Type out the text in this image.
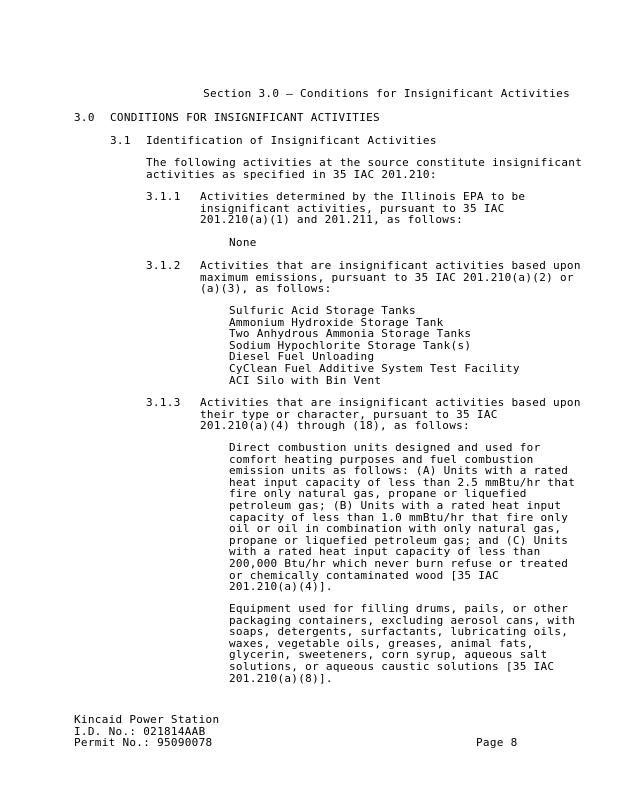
Section 3.0 – Conditions for Insignificant Activities
3.0 CONDITIONS FOR INSIGNIFICANT ACTIVITIES
3.1 Identification of Insignificant Activities
The following activities at the source constitute insignificant
activities as specified in 35 IAC 201.210:
3.1.1 Activities determined by the Illinois EPA to be
insignificant activities, pursuant to 35 IAC
201.210(a)(1) and 201.211, as follows:
None
3.1.2 Activities that are insignificant activities based upon
maximum emissions, pursuant to 35 IAC 201.210(a)(2) or
(a)(3), as follows:
Sulfuric Acid Storage Tanks
Ammonium Hydroxide Storage Tank
Two Anhydrous Ammonia Storage Tanks
Sodium Hypochlorite Storage Tank(s)
Diesel Fuel Unloading
CyClean Fuel Additive System Test Facility
ACI Silo with Bin Vent
3.1.3 Activities that are insignificant activities based upon
their type or character, pursuant to 35 IAC
201.210(a)(4) through (18), as follows:
Direct combustion units designed and used for
comfort heating purposes and fuel combustion
emission units as follows: (A) Units with a rated
heat input capacity of less than 2.5 mmBtu/hr that
fire only natural gas, propane or liquefied
petroleum gas; (B) Units with a rated heat input
capacity of less than 1.0 mmBtu/hr that fire only
oil or oil in combination with only natural gas,
propane or liquefied petroleum gas; and (C) Units
with a rated heat input capacity of less than
200,000 Btu/hr which never burn refuse or treated
or chemically contaminated wood [35 IAC
201.210(a)(4)].
Equipment used for filling drums, pails, or other
packaging containers, excluding aerosol cans, with
soaps, detergents, surfactants, lubricating oils,
waxes, vegetable oils, greases, animal fats,
glycerin, sweeteners, corn syrup, aqueous salt
solutions, or aqueous caustic solutions [35 IAC
201.210(a)(8)].
Kincaid Power Station
I.D. No.: 021814AAB
Permit No.: 95090078	Page 8
